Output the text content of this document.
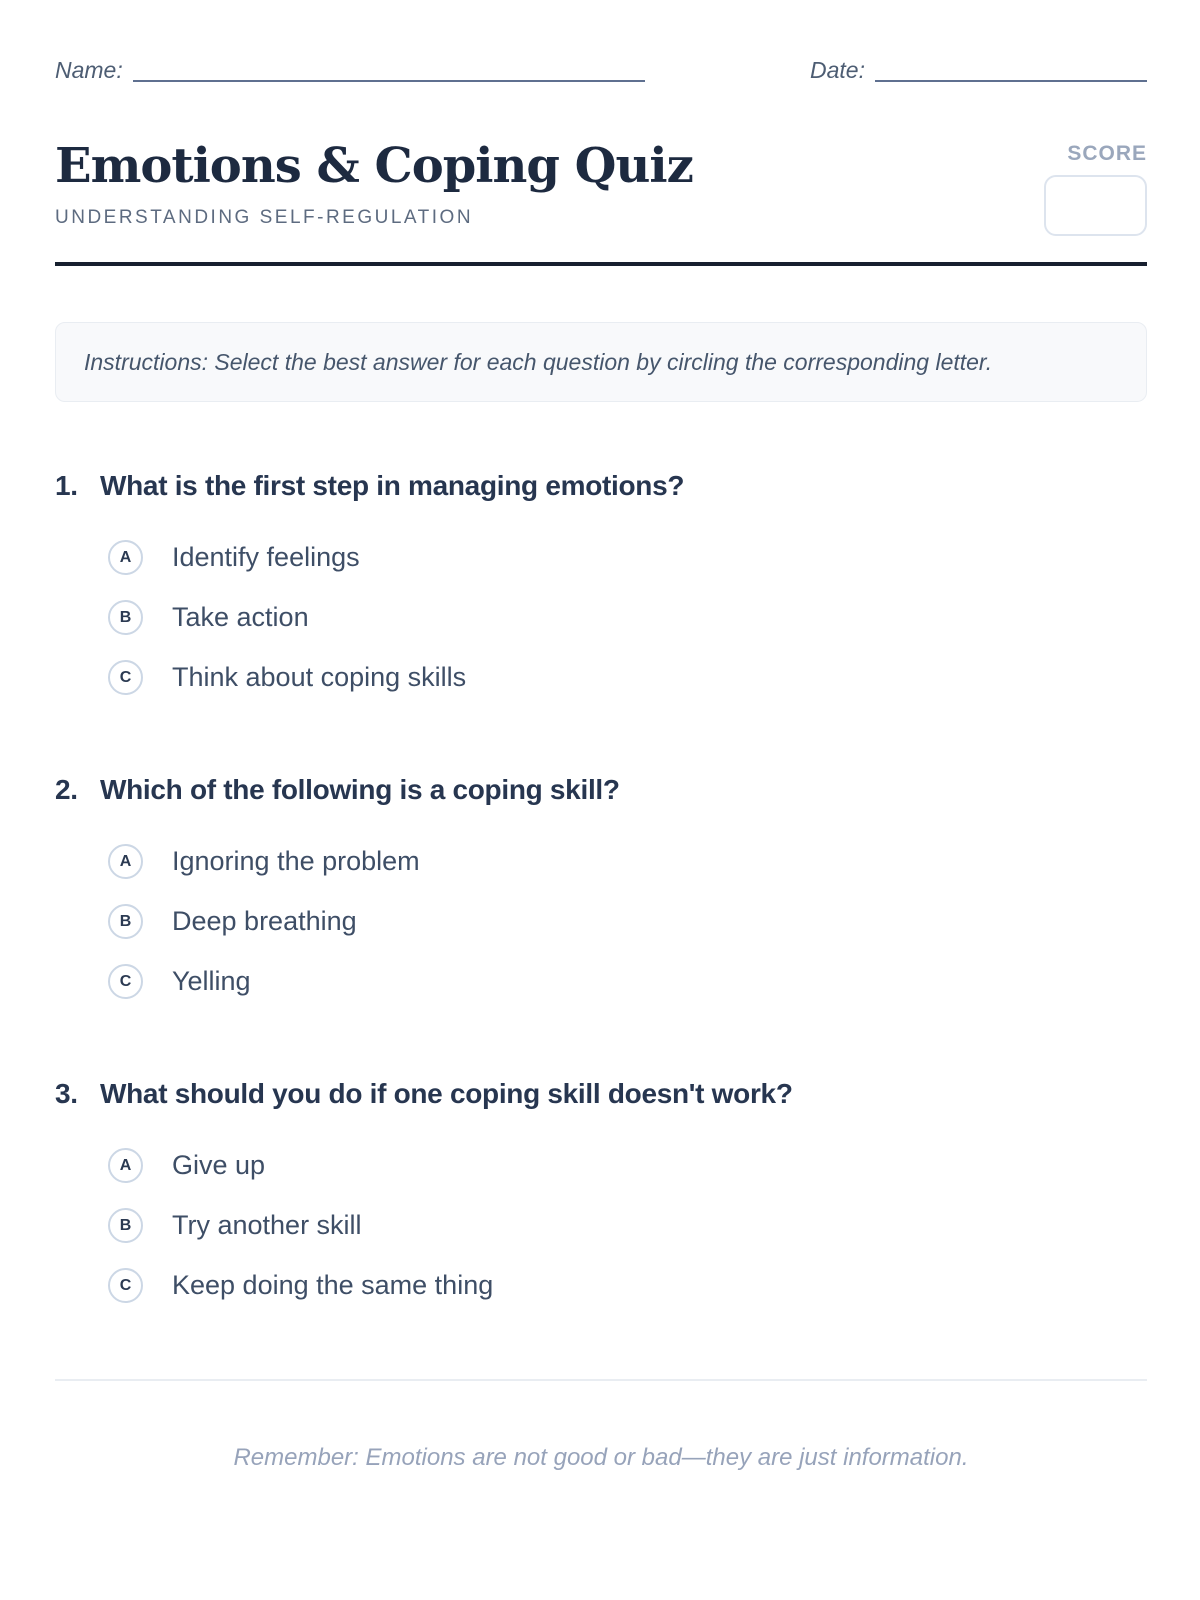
Name:	Date:
Emotions & Coping Quiz
UNDERSTANDING SELF-REGULATION
SCORE
Instructions: Select the best answer for each question by circling the corresponding letter.
1. What is the first step in managing emotions?
A Identify feelings
B Take action
C Think about coping skills
2. Which of the following is a coping skill?
A Ignoring the problem
B Deep breathing
C Yelling
3. What should you do if one coping skill doesn't work?
A Give up
B Try another skill
C Keep doing the same thing
Remember: Emotions are not good or bad—they are just information.
